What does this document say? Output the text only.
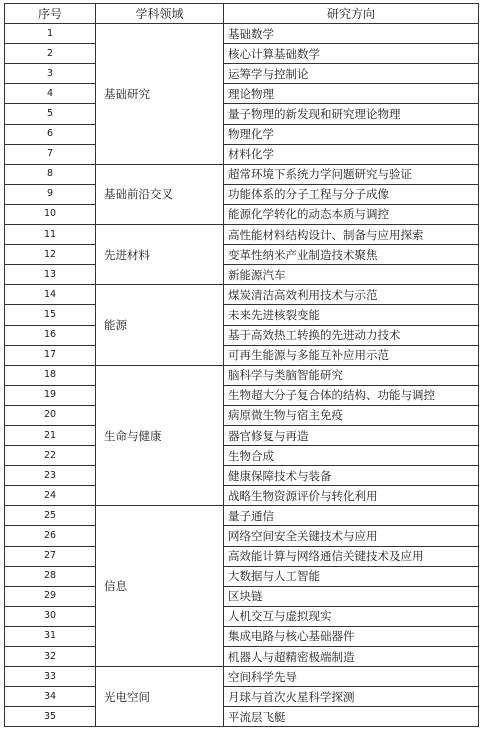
序号	学科领域	研究方向
1	基础研究	基础数学
2		核心计算基础数学
3		运筹学与控制论
4		理论物理
5		量子物理的新发现和研究理论物理
6		物理化学
7		材料化学
8	基础前沿交叉	超常环境下系统力学问题研究与验证
9		功能体系的分子工程与分子成像
10		能源化学转化的动态本质与调控
11	先进材料	高性能材料结构设计、制备与应用探索
12		变革性纳米产业制造技术聚焦
13		新能源汽车
14	能源	煤炭清洁高效利用技术与示范
15		未来先进核裂变能
16		基于高效热工转换的先进动力技术
17		可再生能源与多能互补应用示范
18	生命与健康	脑科学与类脑智能研究
19		生物超大分子复合体的结构、功能与调控
20		病原微生物与宿主免疫
21		器官修复与再造
22		生物合成
23		健康保障技术与装备
24		战略生物资源评价与转化利用
25	信息	量子通信
26		网络空间安全关键技术与应用
27		高效能计算与网络通信关键技术及应用
28		大数据与人工智能
29		区块链
30		人机交互与虚拟现实
31		集成电路与核心基础器件
32		机器人与超精密极端制造
33	光电空间	空间科学先导
34		月球与首次火星科学探测
35		平流层飞艇
